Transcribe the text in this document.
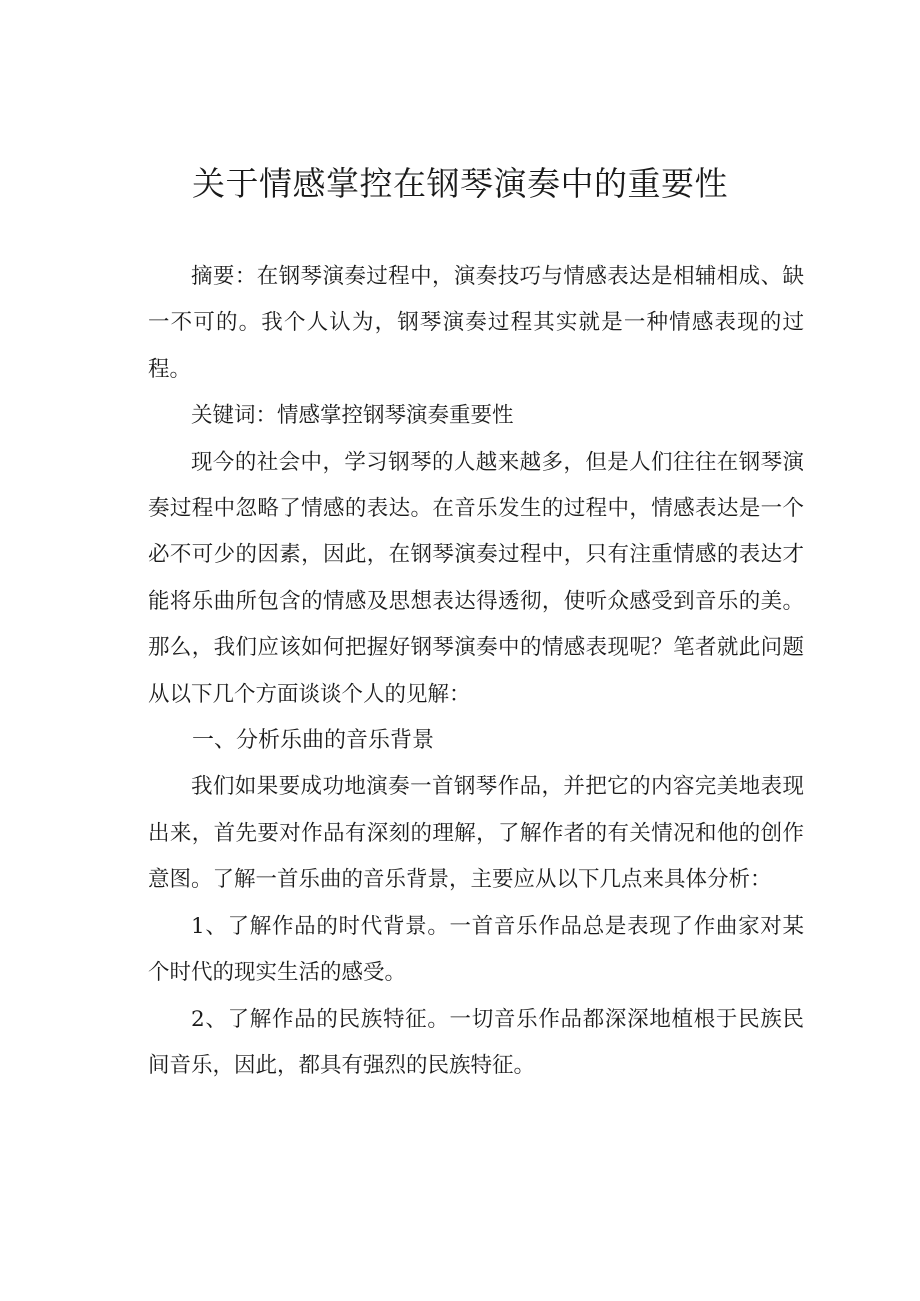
关于情感掌控在钢琴演奏中的重要性

摘要：在钢琴演奏过程中，演奏技巧与情感表达是相辅相成、缺一不可的。我个人认为，钢琴演奏过程其实就是一种情感表现的过程。

关键词：情感掌控钢琴演奏重要性

现今的社会中，学习钢琴的人越来越多，但是人们往往在钢琴演奏过程中忽略了情感的表达。在音乐发生的过程中，情感表达是一个必不可少的因素，因此，在钢琴演奏过程中，只有注重情感的表达才能将乐曲所包含的情感及思想表达得透彻，使听众感受到音乐的美。那么，我们应该如何把握好钢琴演奏中的情感表现呢？笔者就此问题从以下几个方面谈谈个人的见解：

一、分析乐曲的音乐背景

我们如果要成功地演奏一首钢琴作品，并把它的内容完美地表现出来，首先要对作品有深刻的理解，了解作者的有关情况和他的创作意图。了解一首乐曲的音乐背景，主要应从以下几点来具体分析：

1、了解作品的时代背景。一首音乐作品总是表现了作曲家对某个时代的现实生活的感受。

2、了解作品的民族特征。一切音乐作品都深深地植根于民族民间音乐，因此，都具有强烈的民族特征。
